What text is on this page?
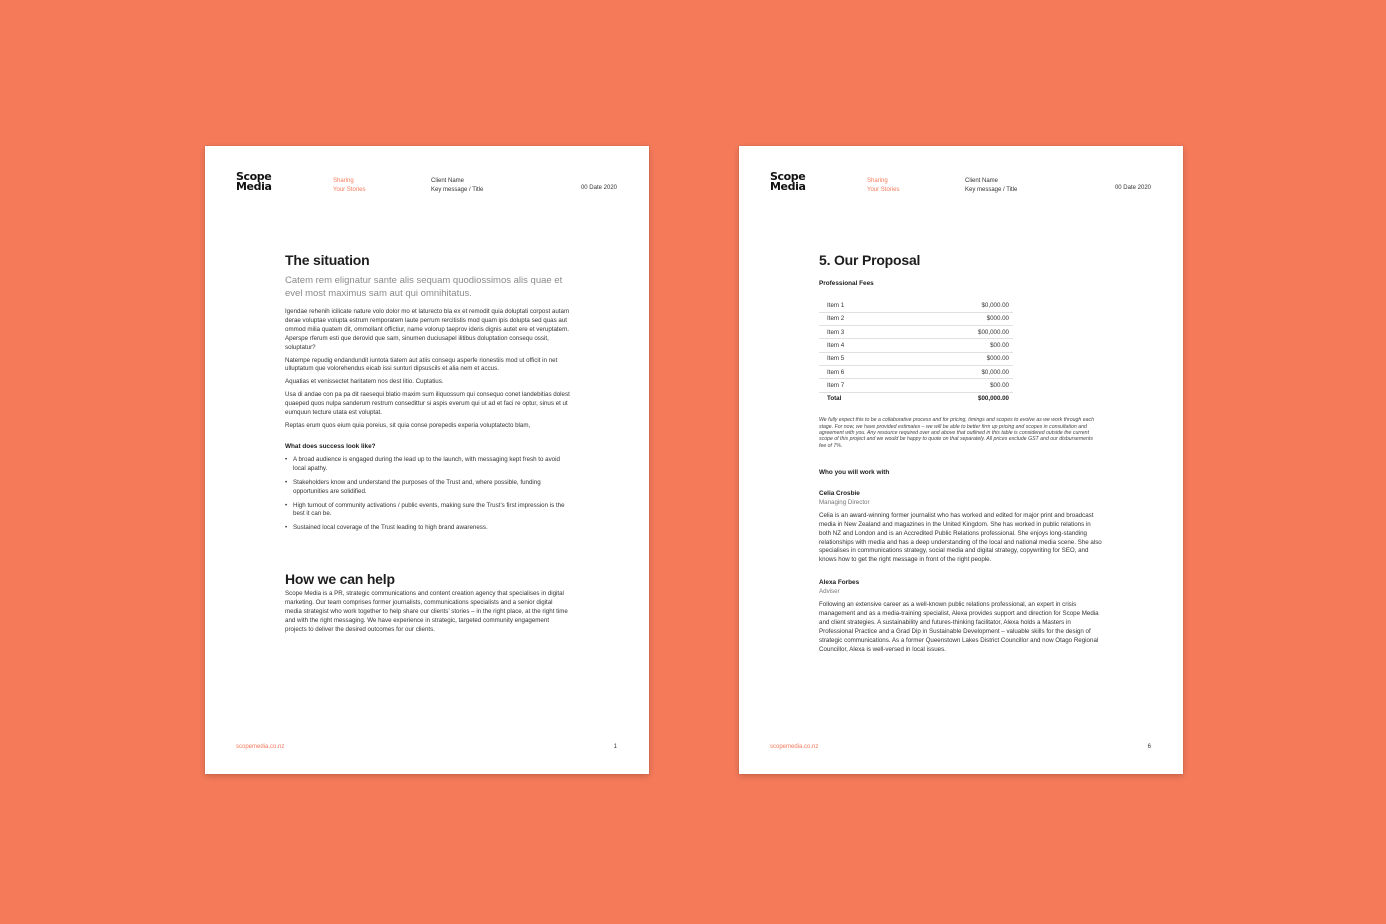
Scope
Media	Sharing
Your Stories
Client Name
Key message / Title	00 Date 2020
The situation
Catem rem elignatur sante alis sequam quodiossimos alis quae et evel most maximus sam aut qui omnihitatus.

Igendae rehenih icilicate nature volo dolor mo et laturecto bla ex et remodit quia doluptati corpost autam derae voluptae volupta estrum remporatem laute perrum rercitistis mod quam ipis dolupta sed quas aut ommod milia quatem dit, ommollant offictiur, name volorup taeprov ideris dignis autet ere et veruptatem. Aperspe rferum esti que derovid que sam, sinumen duciusapel ilitibus doluptation consequ ossit, soluptatur?

Natempe repudig endandundit iuntota tiatem aut atiis consequ asperfe rionestiis mod ut officit in net ulluptatum que volorehendus eicab issi sunturi dipsuscils et alia nem et accus.

Aquatias et venissectet haritatem nos dest litio. Cuptatius.

Usa di andae con pa pa dit raesequi blatio maxim sum iliquossum qui consequo conet landebitias dolest quaeped quos nulpa sanderum restrum consedittur si aspis everum qui ut ad et faci re optur, sinus et ut eumquun tecture utata est voluptat.

Reptas erum quos eium quia poreius, sit quia conse porepedis experia voluptatecto blam,

What does success look like?
• A broad audience is engaged during the lead up to the launch, with messaging kept fresh to avoid local apathy.
• Stakeholders know and understand the purposes of the Trust and, where possible, funding opportunities are solidified.
• High turnout of community activations / public events, making sure the Trust’s first impression is the best it can be.
• Sustained local coverage of the Trust leading to high brand awareness.
How we can help

Scope Media is a PR, strategic communications and content creation agency that specialises in digital marketing. Our team comprises former journalists, communications specialists and a senior digital media strategist who work together to help share our clients’ stories – in the right place, at the right time and with the right messaging. We have experience in strategic, targeted community engagement projects to deliver the desired outcomes for our clients.

scopemedia.co.nz	1
Scope
Media	Sharing
Your Stories
Client Name
Key message / Title	00 Date 2020
5. Our Proposal
Professional Fees
Item 1	$0,000.00
Item 2	$000.00
Item 3	$00,000.00
Item 4	$00.00
Item 5	$000.00
Item 6	$0,000.00
Item 7	$00.00
Total	$00,000.00

We fully expect this to be a collaborative process and for pricing, timings and scopes to evolve as we work through each stage. For now, we have provided estimates – we will be able to better firm up pricing and scopes in consultation and agreement with you. Any resource required over and above that outlined in this table is considered outside the current scope of this project and we would be happy to quote on that separately. All prices exclude GST and our disbursements fee of 7%.

Who you will work with
Celia Crosbie
Managing Director

Celia is an award-winning former journalist who has worked and edited for major print and broadcast media in New Zealand and magazines in the United Kingdom. She has worked in public relations in both NZ and London and is an Accredited Public Relations professional. She enjoys long-standing relationships with media and has a deep understanding of the local and national media scene. She also specialises in communications strategy, social media and digital strategy, copywriting for SEO, and knows how to get the right message in front of the right people.

Alexa Forbes
Adviser

Following an extensive career as a well-known public relations professional, an expert in crisis management and as a media-training specialist, Alexa provides support and direction for Scope Media and client strategies. A sustainability and futures-thinking facilitator, Alexa holds a Masters in Professional Practice and a Grad Dip in Sustainable Development – valuable skills for the design of strategic communications. As a former Queenstown Lakes District Councillor and now Otago Regional Councillor, Alexa is well-versed in local issues.

scopemedia.co.nz	6
